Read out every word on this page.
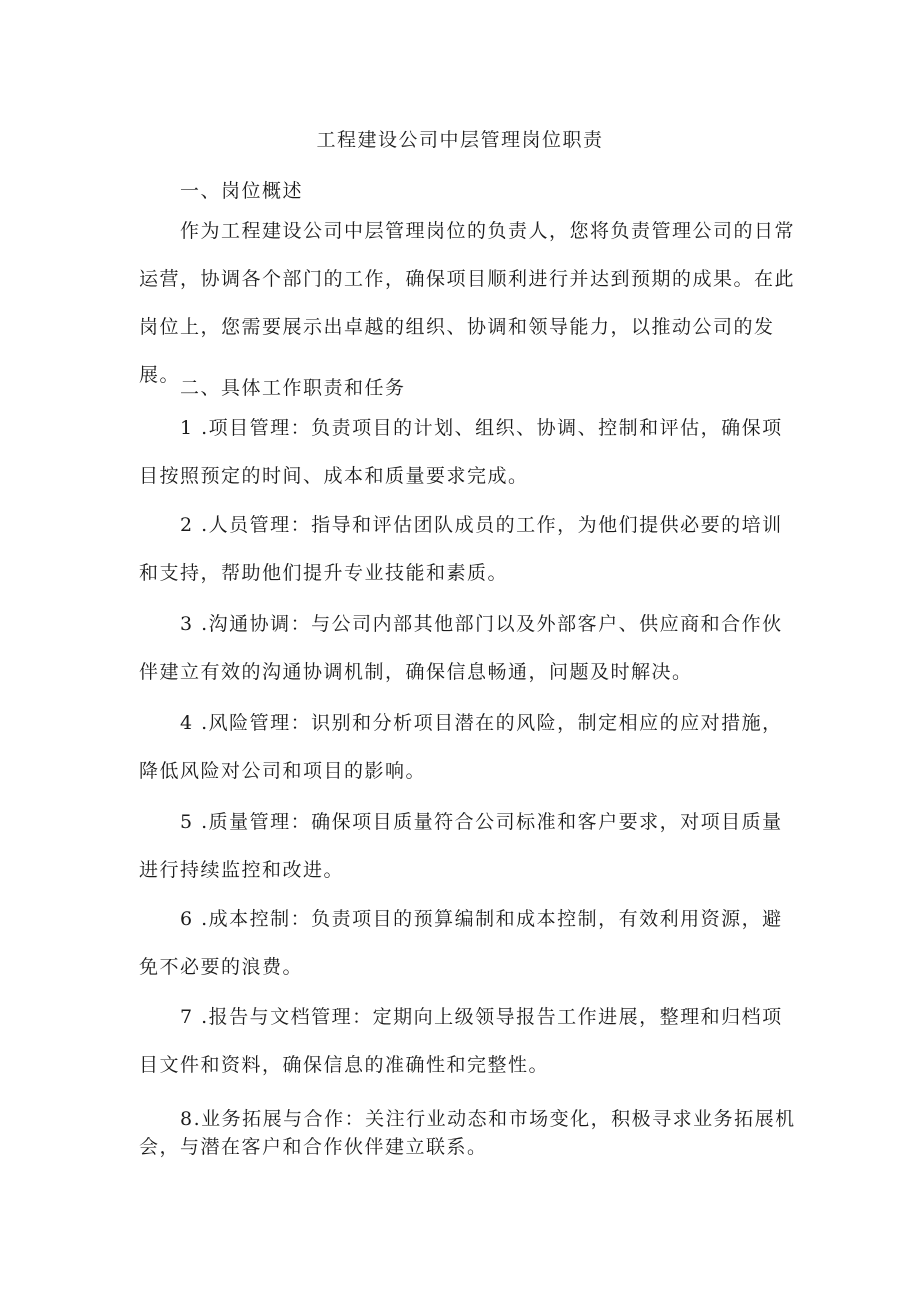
工程建设公司中层管理岗位职责
一、岗位概述

作为工程建设公司中层管理岗位的负责人，您将负责管理公司的日常运营，协调各个部门的工作，确保项目顺利进行并达到预期的成果。在此岗位上，您需要展示出卓越的组织、协调和领导能力，以推动公司的发展。

二、具体工作职责和任务

1 .项目管理：负责项目的计划、组织、协调、控制和评估，确保项目按照预定的时间、成本和质量要求完成。

2 .人员管理：指导和评估团队成员的工作，为他们提供必要的培训和支持，帮助他们提升专业技能和素质。

3 .沟通协调：与公司内部其他部门以及外部客户、供应商和合作伙伴建立有效的沟通协调机制，确保信息畅通，问题及时解决。

4 .风险管理：识别和分析项目潜在的风险，制定相应的应对措施，降低风险对公司和项目的影响。

5 .质量管理：确保项目质量符合公司标准和客户要求，对项目质量进行持续监控和改进。

6 .成本控制：负责项目的预算编制和成本控制，有效利用资源，避免不必要的浪费。

7 .报告与文档管理：定期向上级领导报告工作进展，整理和归档项目文件和资料，确保信息的准确性和完整性。

8.业务拓展与合作：关注行业动态和市场变化，积极寻求业务拓展机会，与潜在客户和合作伙伴建立联系。
